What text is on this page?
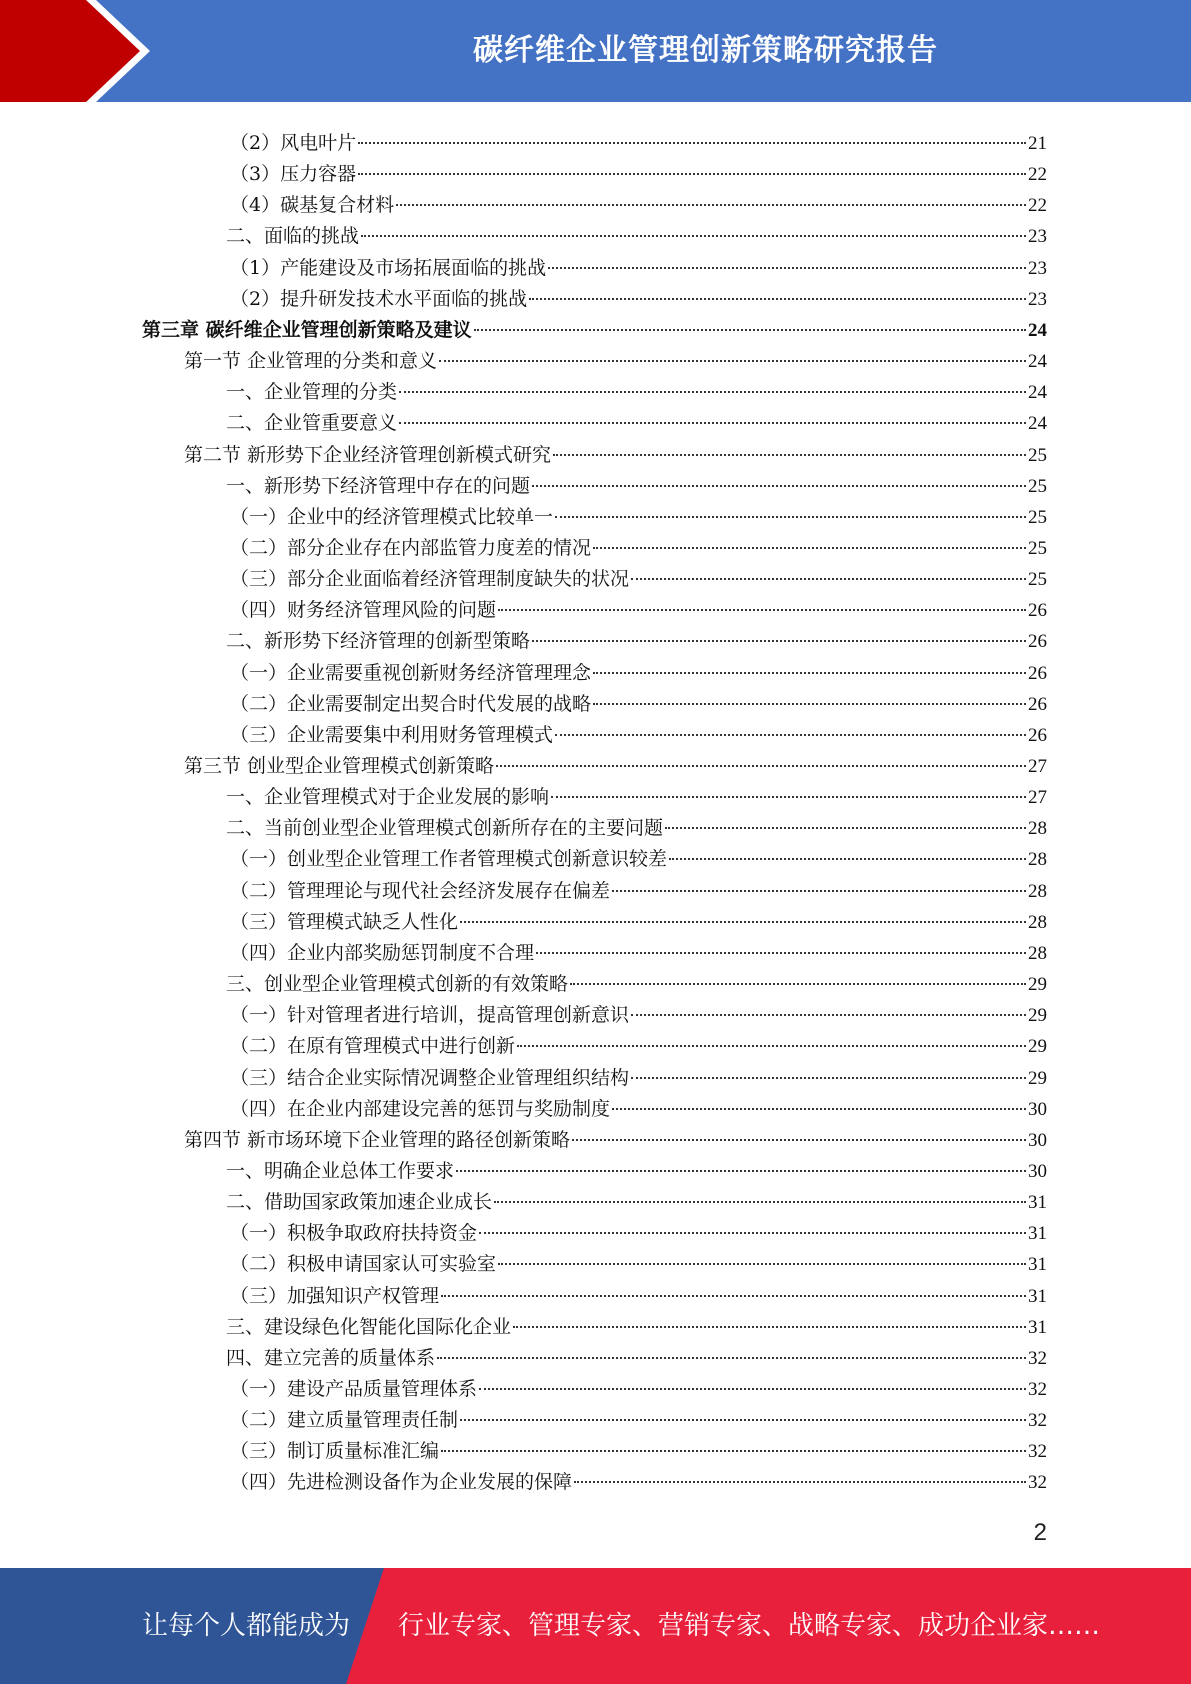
碳纤维企业管理创新策略研究报告
（2）风电叶片	21
（3）压力容器	22
（4）碳基复合材料	22
二、面临的挑战	23
（1）产能建设及市场拓展面临的挑战	23
（2）提升研发技术水平面临的挑战	23
第三章 碳纤维企业管理创新策略及建议	24
第一节 企业管理的分类和意义	24
一、企业管理的分类	24
二、企业管重要意义	24
第二节 新形势下企业经济管理创新模式研究	25
一、新形势下经济管理中存在的问题	25
（一）企业中的经济管理模式比较单一	25
（二）部分企业存在内部监管力度差的情况	25
（三）部分企业面临着经济管理制度缺失的状况	25
（四）财务经济管理风险的问题	26
二、新形势下经济管理的创新型策略	26
（一）企业需要重视创新财务经济管理理念	26
（二）企业需要制定出契合时代发展的战略	26
（三）企业需要集中利用财务管理模式	26
第三节 创业型企业管理模式创新策略	27
一、企业管理模式对于企业发展的影响	27
二、当前创业型企业管理模式创新所存在的主要问题	28
（一）创业型企业管理工作者管理模式创新意识较差	28
（二）管理理论与现代社会经济发展存在偏差	28
（三）管理模式缺乏人性化	28
（四）企业内部奖励惩罚制度不合理	28
三、创业型企业管理模式创新的有效策略	29
（一）针对管理者进行培训，提高管理创新意识	29
（二）在原有管理模式中进行创新	29
（三）结合企业实际情况调整企业管理组织结构	29
（四）在企业内部建设完善的惩罚与奖励制度	30
第四节 新市场环境下企业管理的路径创新策略	30
一、明确企业总体工作要求	30
二、借助国家政策加速企业成长	31
（一）积极争取政府扶持资金	31
（二）积极申请国家认可实验室	31
（三）加强知识产权管理	31
三、建设绿色化智能化国际化企业	31
四、建立完善的质量体系	32
（一）建设产品质量管理体系	32
（二）建立质量管理责任制	32
（三）制订质量标准汇编	32
（四）先进检测设备作为企业发展的保障	32
2
让每个人都能成为 行业专家、管理专家、营销专家、战略专家、成功企业家……
